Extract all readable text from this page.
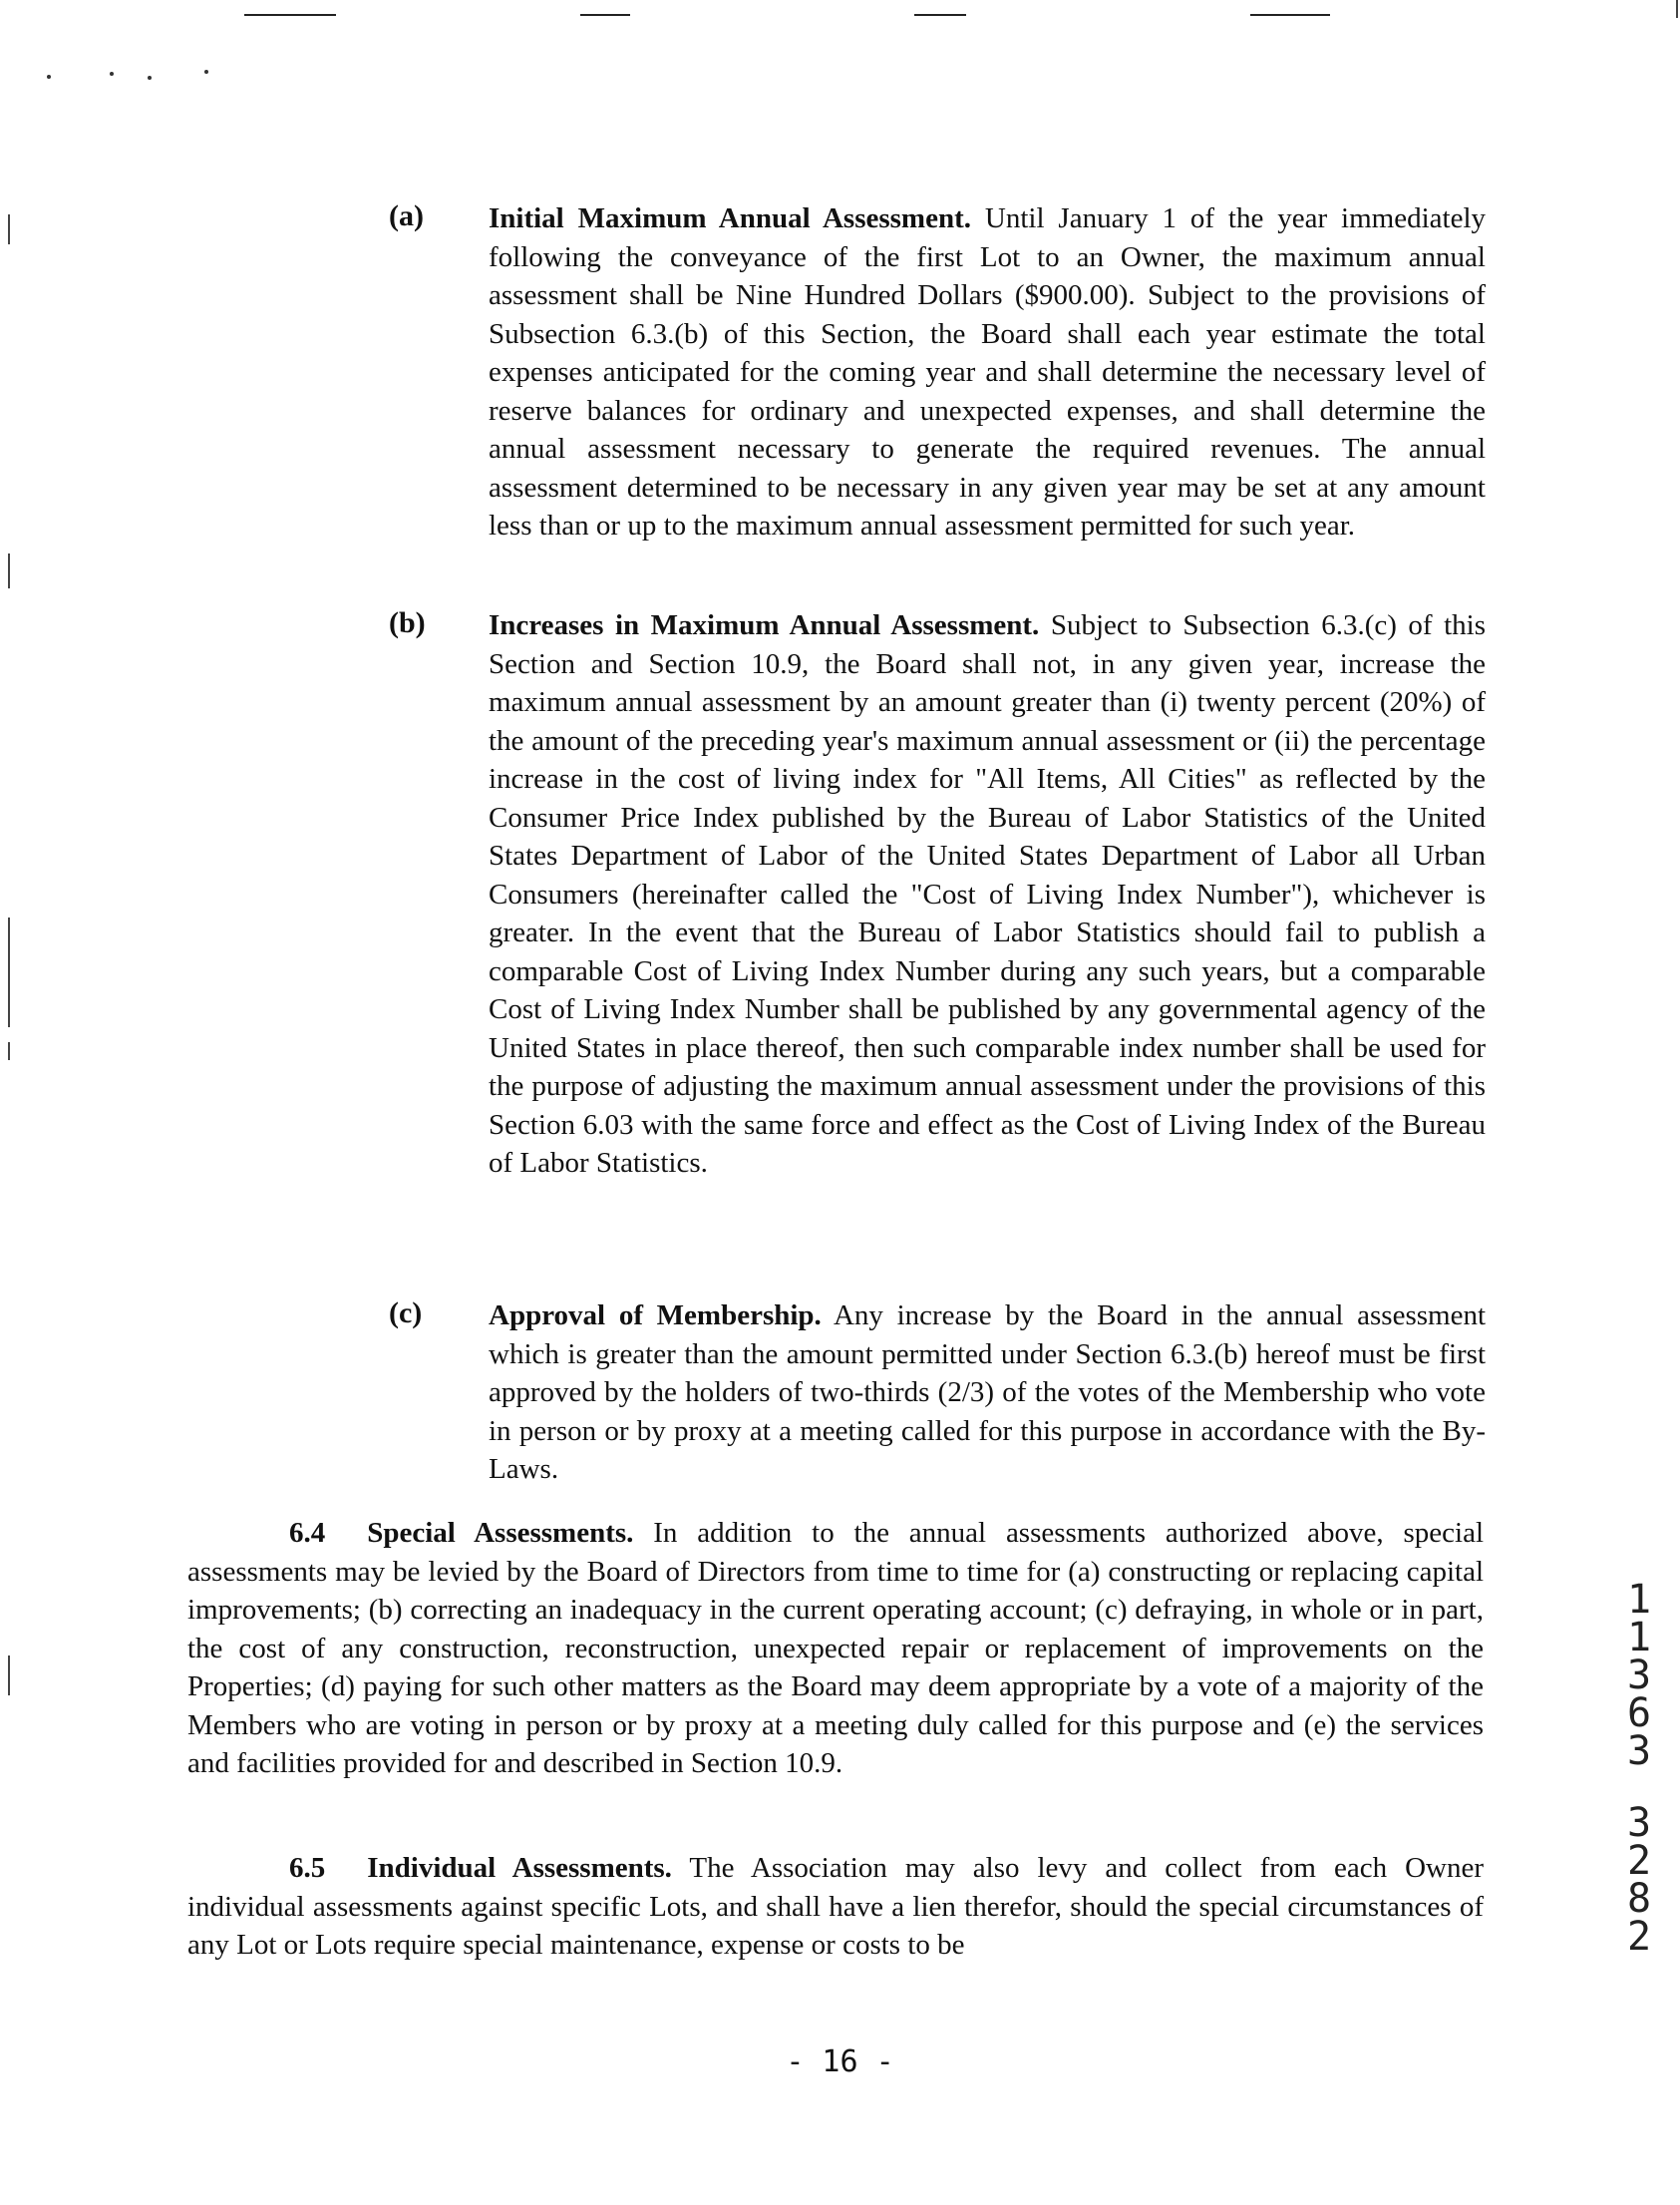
(a) Initial Maximum Annual Assessment. Until January 1 of the year immediately following the conveyance of the first Lot to an Owner, the maximum annual assessment shall be Nine Hundred Dollars ($900.00). Subject to the provisions of Subsection 6.3.(b) of this Section, the Board shall each year estimate the total expenses anticipated for the coming year and shall determine the necessary level of reserve balances for ordinary and unexpected expenses, and shall determine the annual assessment necessary to generate the required revenues. The annual assessment determined to be necessary in any given year may be set at any amount less than or up to the maximum annual assessment permitted for such year.
(b) Increases in Maximum Annual Assessment. Subject to Subsection 6.3.(c) of this Section and Section 10.9, the Board shall not, in any given year, increase the maximum annual assessment by an amount greater than (i) twenty percent (20%) of the amount of the preceding year's maximum annual assessment or (ii) the percentage increase in the cost of living index for "All Items, All Cities" as reflected by the Consumer Price Index published by the Bureau of Labor Statistics of the United States Department of Labor of the United States Department of Labor all Urban Consumers (hereinafter called the "Cost of Living Index Number"), whichever is greater. In the event that the Bureau of Labor Statistics should fail to publish a comparable Cost of Living Index Number during any such years, but a comparable Cost of Living Index Number shall be published by any governmental agency of the United States in place thereof, then such comparable index number shall be used for the purpose of adjusting the maximum annual assessment under the provisions of this Section 6.03 with the same force and effect as the Cost of Living Index of the Bureau of Labor Statistics.
(c) Approval of Membership. Any increase by the Board in the annual assessment which is greater than the amount permitted under Section 6.3.(b) hereof must be first approved by the holders of two-thirds (2/3) of the votes of the Membership who vote in person or by proxy at a meeting called for this purpose in accordance with the By-Laws.
6.4 Special Assessments. In addition to the annual assessments authorized above, special assessments may be levied by the Board of Directors from time to time for (a) constructing or replacing capital improvements; (b) correcting an inadequacy in the current operating account; (c) defraying, in whole or in part, the cost of any construction, reconstruction, unexpected repair or replacement of improvements on the Properties; (d) paying for such other matters as the Board may deem appropriate by a vote of a majority of the Members who are voting in person or by proxy at a meeting duly called for this purpose and (e) the services and facilities provided for and described in Section 10.9.
6.5 Individual Assessments. The Association may also levy and collect from each Owner individual assessments against specific Lots, and shall have a lien therefor, should the special circumstances of any Lot or Lots require special maintenance, expense or costs to be
1
1
3
6
3
3
2
8
2
- 16 -
